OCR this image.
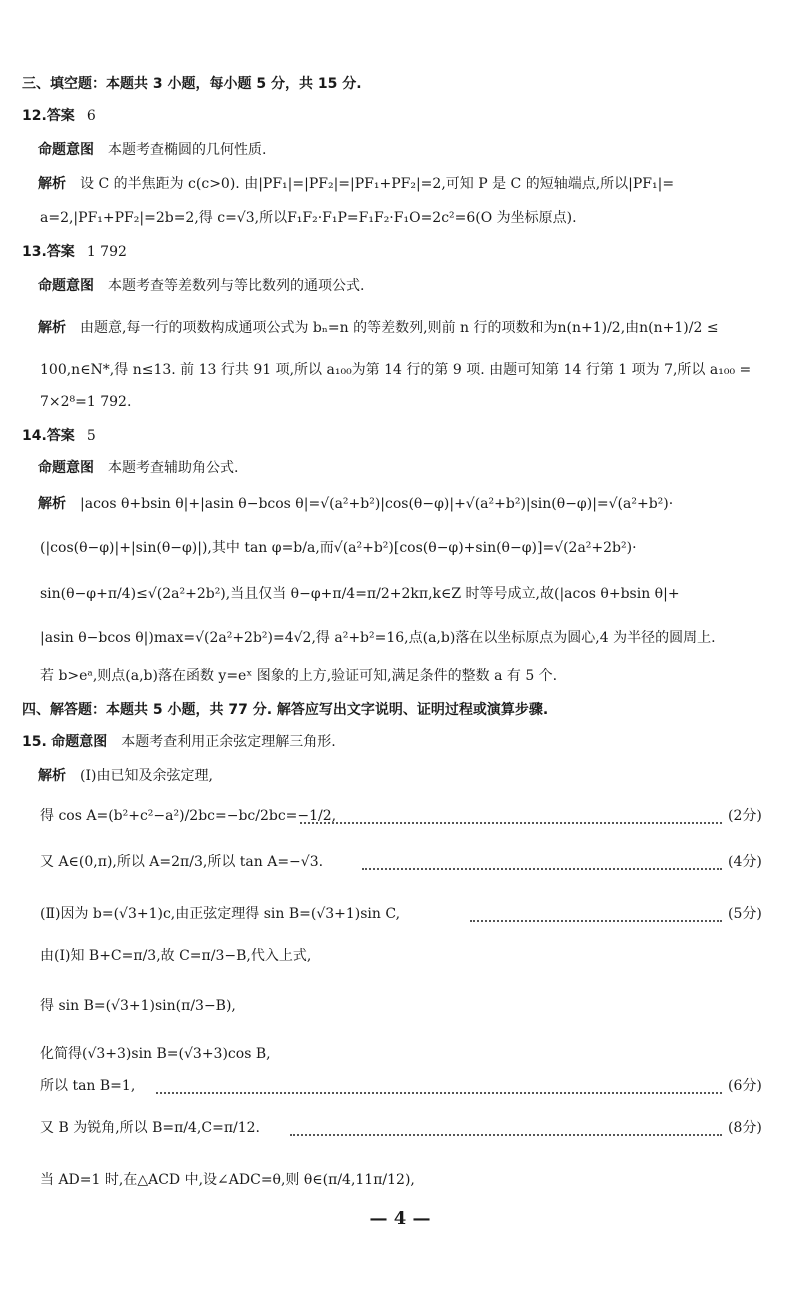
三、填空题：本题共 3 小题，每小题 5 分，共 15 分.
12.答案 6
命题意图 本题考查椭圆的几何性质.
解析 设 C 的半焦距为 c(c>0). 由|PF₁|=|PF₂|=|PF₁+PF₂|=2,可知 P 是 C 的短轴端点,所以|PF₁|=
a=2,|PF₁+PF₂|=2b=2,得 c=√3,所以F₁F₂·F₁P=F₁F₂·F₁O=2c²=6(O 为坐标原点).
13.答案 1 792
命题意图 本题考查等差数列与等比数列的通项公式.
解析 由题意,每一行的项数构成通项公式为 bₙ=n 的等差数列,则前 n 行的项数和为n(n+1)/2,由n(n+1)/2 ≤
100,n∈N*,得 n≤13. 前 13 行共 91 项,所以 a₁₀₀为第 14 行的第 9 项. 由题可知第 14 行第 1 项为 7,所以 a₁₀₀ =
7×2⁸=1 792.
14.答案 5
命题意图 本题考查辅助角公式.
解析 |acos θ+bsin θ|+|asin θ−bcos θ|=√(a²+b²)|cos(θ−φ)|+√(a²+b²)|sin(θ−φ)|=√(a²+b²)·
(|cos(θ−φ)|+|sin(θ−φ)|),其中 tan φ=b/a,而√(a²+b²)[cos(θ−φ)+sin(θ−φ)]=√(2a²+2b²)·
sin(θ−φ+π/4)≤√(2a²+2b²),当且仅当 θ−φ+π/4=π/2+2kπ,k∈Z 时等号成立,故(|acos θ+bsin θ|+
|asin θ−bcos θ|)max=√(2a²+2b²)=4√2,得 a²+b²=16,点(a,b)落在以坐标原点为圆心,4 为半径的圆周上.
若 b>eᵃ,则点(a,b)落在函数 y=eˣ 图象的上方,验证可知,满足条件的整数 a 有 5 个.
四、解答题：本题共 5 小题，共 77 分. 解答应写出文字说明、证明过程或演算步骤.
15. 命题意图 本题考查利用正余弦定理解三角形.
解析 (Ⅰ)由已知及余弦定理,
得 cos A=(b²+c²−a²)/2bc=−bc/2bc=−1/2,	(2分)
又 A∈(0,π),所以 A=2π/3,所以 tan A=−√3.	(4分)
(Ⅱ)因为 b=(√3+1)c,由正弦定理得 sin B=(√3+1)sin C,	(5分)
由(Ⅰ)知 B+C=π/3,故 C=π/3−B,代入上式,
得 sin B=(√3+1)sin(π/3−B),
化简得(√3+3)sin B=(√3+3)cos B,
所以 tan B=1,	(6分)
又 B 为锐角,所以 B=π/4,C=π/12.	(8分)
当 AD=1 时,在△ACD 中,设∠ADC=θ,则 θ∈(π/4,11π/12),
— 4 —
